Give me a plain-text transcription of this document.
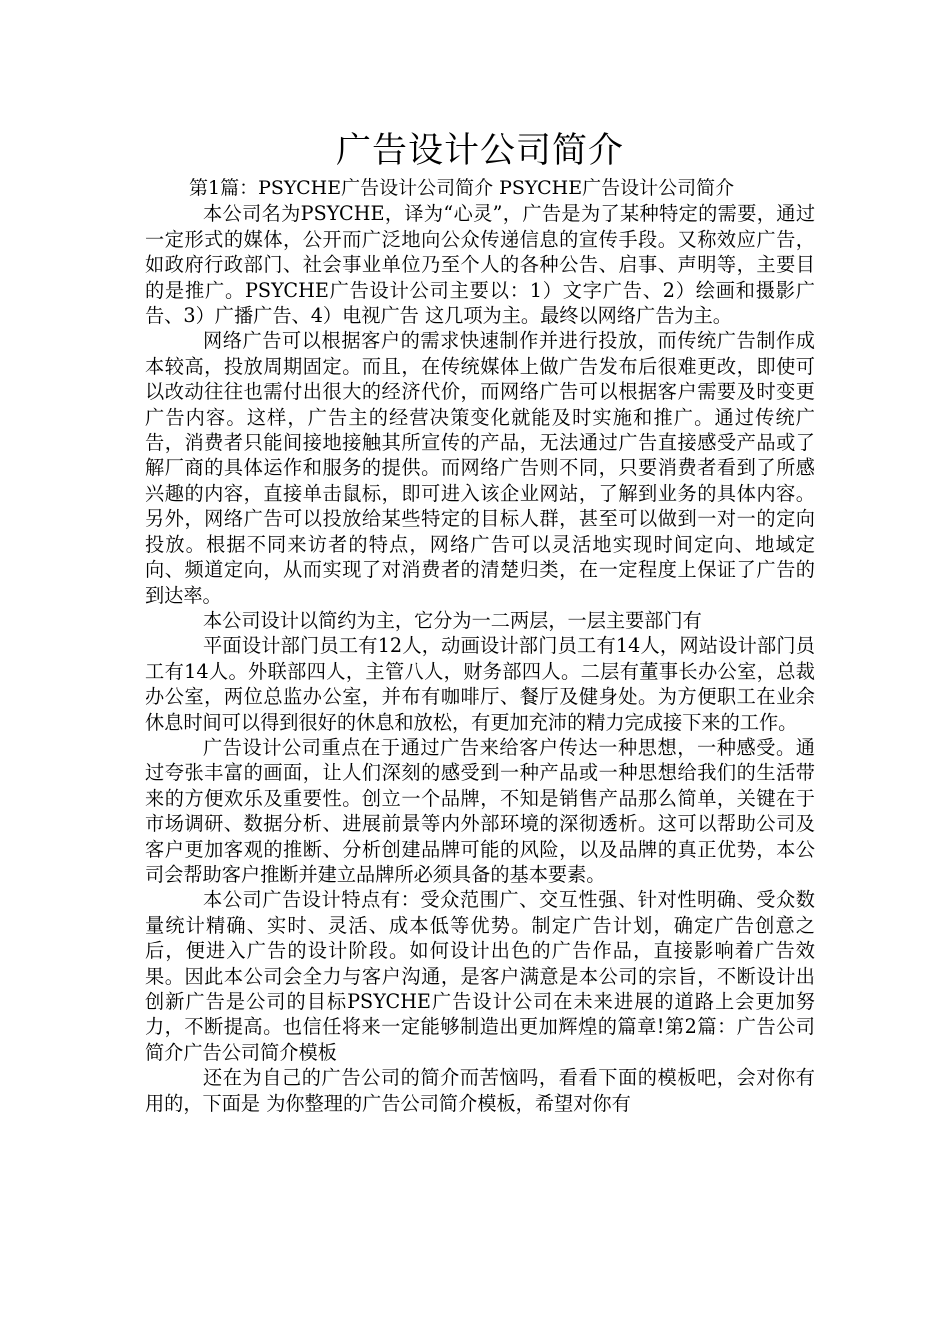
广告设计公司简介

第1篇：PSYCHE广告设计公司简介 PSYCHE广告设计公司简介

本公司名为PSYCHE，译为“心灵”，广告是为了某种特定的需要，通过一定形式的媒体，公开而广泛地向公众传递信息的宣传手段。又称效应广告，如政府行政部门、社会事业单位乃至个人的各种公告、启事、声明等，主要目的是推广。PSYCHE广告设计公司主要以：1）文字广告、2）绘画和摄影广告、3）广播广告、4）电视广告 这几项为主。最终以网络广告为主。

网络广告可以根据客户的需求快速制作并进行投放，而传统广告制作成本较高，投放周期固定。而且，在传统媒体上做广告发布后很难更改，即使可以改动往往也需付出很大的经济代价，而网络广告可以根据客户需要及时变更广告内容。这样，广告主的经营决策变化就能及时实施和推广。通过传统广告，消费者只能间接地接触其所宣传的产品，无法通过广告直接感受产品或了解厂商的具体运作和服务的提供。而网络广告则不同，只要消费者看到了所感兴趣的内容，直接单击鼠标，即可进入该企业网站，了解到业务的具体内容。另外，网络广告可以投放给某些特定的目标人群，甚至可以做到一对一的定向投放。根据不同来访者的特点，网络广告可以灵活地实现时间定向、地域定向、频道定向，从而实现了对消费者的清楚归类，在一定程度上保证了广告的到达率。

本公司设计以简约为主，它分为一二两层，一层主要部门有

平面设计部门员工有12人，动画设计部门员工有14人，网站设计部门员工有14人。外联部四人，主管八人，财务部四人。二层有董事长办公室，总裁办公室，两位总监办公室，并布有咖啡厅、餐厅及健身处。为方便职工在业余休息时间可以得到很好的休息和放松，有更加充沛的精力完成接下来的工作。

广告设计公司重点在于通过广告来给客户传达一种思想，一种感受。通过夸张丰富的画面，让人们深刻的感受到一种产品或一种思想给我们的生活带来的方便欢乐及重要性。创立一个品牌，不知是销售产品那么简单，关键在于市场调研、数据分析、进展前景等内外部环境的深彻透析。这可以帮助公司及客户更加客观的推断、分析创建品牌可能的风险，以及品牌的真正优势，本公司会帮助客户推断并建立品牌所必须具备的基本要素。

本公司广告设计特点有：受众范围广、交互性强、针对性明确、受众数量统计精确、实时、灵活、成本低等优势。制定广告计划，确定广告创意之后，便进入广告的设计阶段。如何设计出色的广告作品，直接影响着广告效果。因此本公司会全力与客户沟通，是客户满意是本公司的宗旨，不断设计出创新广告是公司的目标PSYCHE广告设计公司在未来进展的道路上会更加努力，不断提高。也信任将来一定能够制造出更加辉煌的篇章!第2篇：广告公司简介广告公司简介模板

还在为自己的广告公司的简介而苦恼吗，看看下面的模板吧，会对你有用的，下面是 为你整理的广告公司简介模板，希望对你有
